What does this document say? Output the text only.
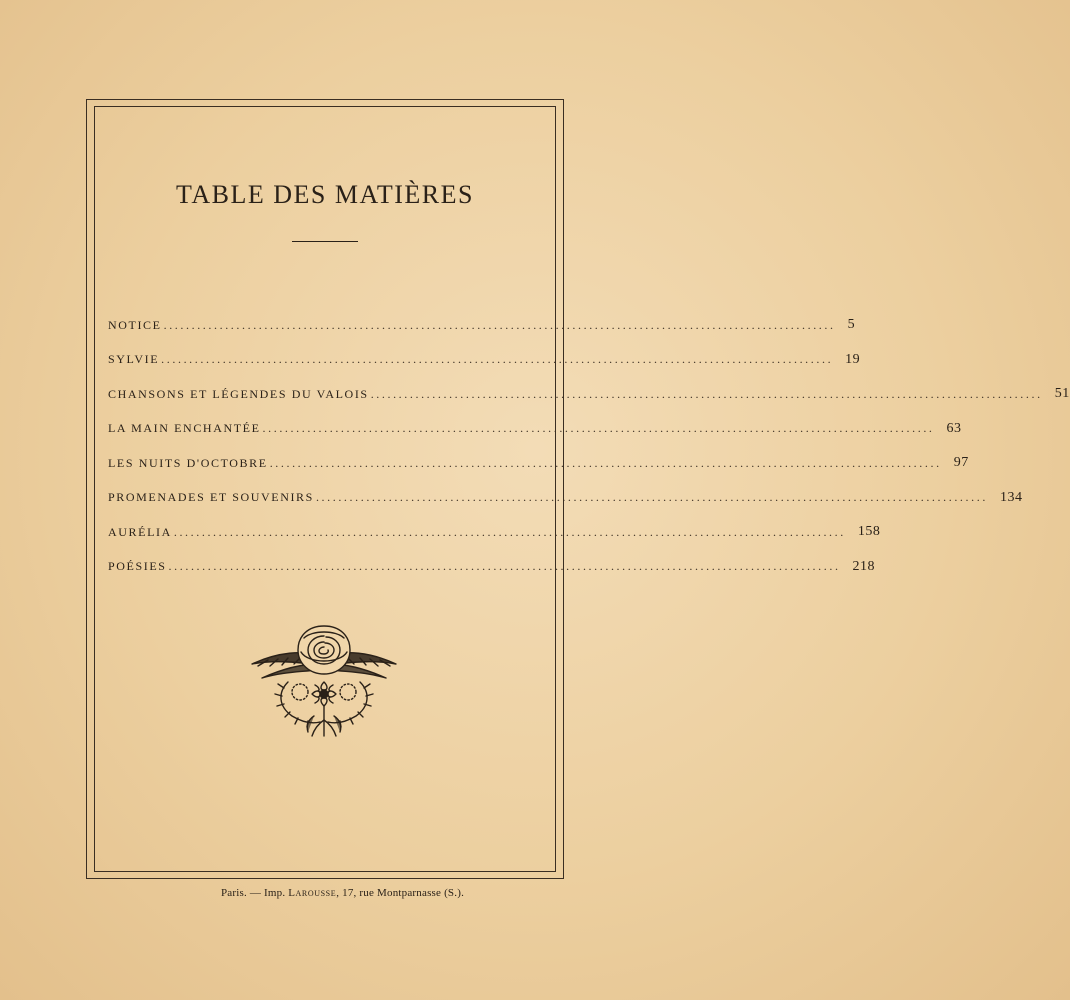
TABLE DES MATIÈRES
NOTICE ........................................................................................................................ 5
SYLVIE ........................................................................................................................ 19
CHANSONS ET LÉGENDES DU VALOIS ........................................................................................................................ 51
LA MAIN ENCHANTÉE ........................................................................................................................ 63
LES NUITS D'OCTOBRE ........................................................................................................................ 97
PROMENADES ET SOUVENIRS ........................................................................................................................ 134
AURÉLIA ........................................................................................................................ 158
POÉSIES ........................................................................................................................ 218
Paris. — Imp. Larousse, 17, rue Montparnasse (S.).
